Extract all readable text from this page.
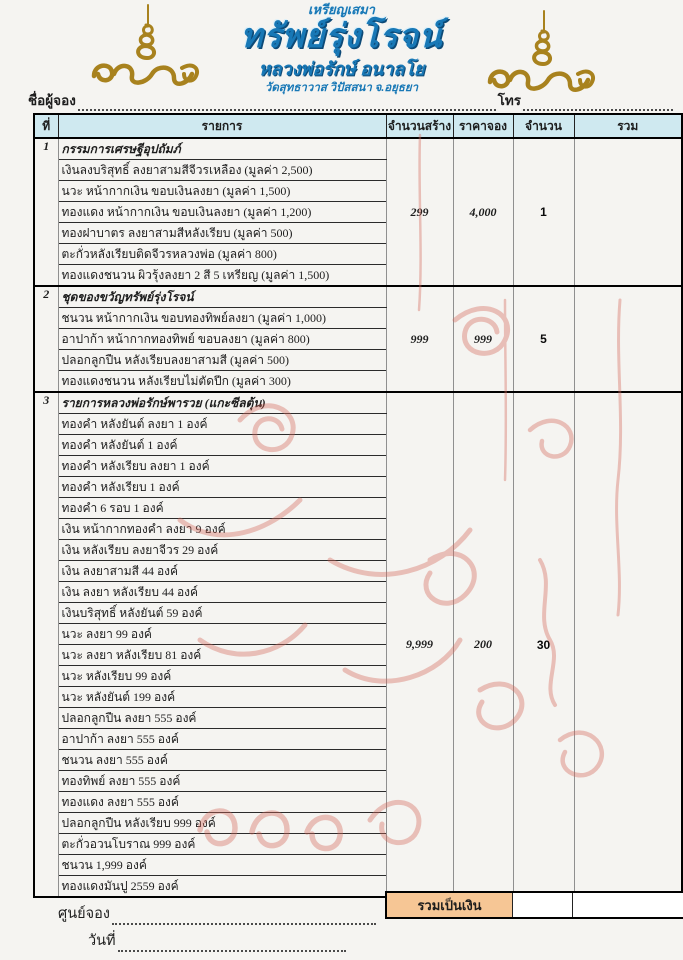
เหรียญเสมา
ทรัพย์รุ่งโรจน์
หลวงพ่อรักษ์ อนาลโย
วัดสุทธาวาส วิปัสสนา จ.อยุธยา
ชื่อผู้จอง	โทร
ที่	รายการ	จำนวนสร้าง	ราคาจอง	จำนวน	รวม
1	กรรมการเศรษฐีอุปถัมภ์	299	4,000	1	
	เงินลงบริสุทธิ์ ลงยาสามสีจีวรเหลือง (มูลค่า 2,500)				
	นวะ หน้ากากเงิน ขอบเงินลงยา (มูลค่า 1,500)				
	ทองแดง หน้ากากเงิน ขอบเงินลงยา (มูลค่า 1,200)				
	ทองฝาบาตร ลงยาสามสีหลังเรียบ (มูลค่า 500)				
	ตะกั่วหลังเรียบติดจีวรหลวงพ่อ (มูลค่า 800)				
	ทองแดงชนวน ผิวรุ้งลงยา 2 สี 5 เหรียญ (มูลค่า 1,500)				
2	ชุดของขวัญทรัพย์รุ่งโรจน์	999	999	5	
	ชนวน หน้ากากเงิน ขอบทองทิพย์ลงยา (มูลค่า 1,000)				
	อาปาก้า หน้ากากทองทิพย์ ขอบลงยา (มูลค่า 800)				
	ปลอกลูกปืน หลังเรียบลงยาสามสี (มูลค่า 500)				
	ทองแดงชนวน หลังเรียบไม่ตัดปีก (มูลค่า 300)				
3	รายการหลวงพ่อรักษ์พารวย (แกะซีลตุ้น)	9,999	200	30	
	ทองคำ หลังยันต์ ลงยา 1 องค์				
	ทองคำ หลังยันต์ 1 องค์				
	ทองคำ หลังเรียบ ลงยา 1 องค์				
	ทองคำ หลังเรียบ 1 องค์				
	ทองคำ 6 รอบ 1 องค์				
	เงิน หน้ากากทองคำ ลงยา 9 องค์				
	เงิน หลังเรียบ ลงยาจีวร 29 องค์				
	เงิน ลงยาสามสี 44 องค์				
	เงิน ลงยา หลังเรียบ 44 องค์				
	เงินบริสุทธิ์ หลังยันต์ 59 องค์				
	นวะ ลงยา 99 องค์				
	นวะ ลงยา หลังเรียบ 81 องค์				
	นวะ หลังเรียบ 99 องค์				
	นวะ หลังยันต์ 199 องค์				
	ปลอกลูกปืน ลงยา 555 องค์				
	อาปาก้า ลงยา 555 องค์				
	ชนวน ลงยา 555 องค์				
	ทองทิพย์ ลงยา 555 องค์				
	ทองแดง ลงยา 555 องค์				
	ปลอกลูกปืน หลังเรียบ 999 องค์				
	ตะกั่วอวนโบราณ 999 องค์				
	ชนวน 1,999 องค์				
	ทองแดงมันปู 2559 องค์				
รวมเป็นเงิน
ศูนย์จอง
วันที่
